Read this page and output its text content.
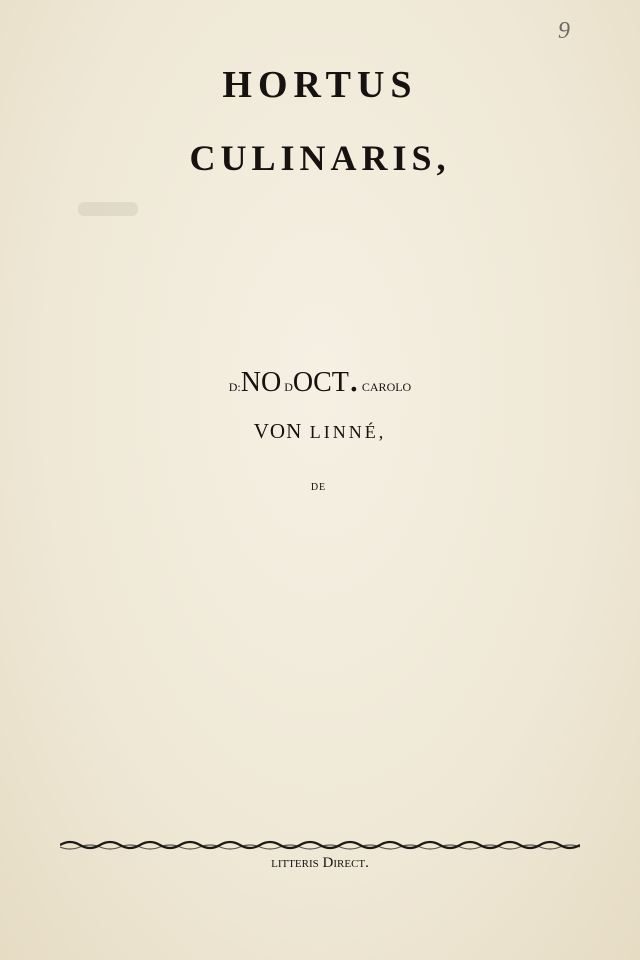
9

HORTUS

CULINARIS,

D:no Doct. CAROLO

von LINNÉ,

de

litteris Direct.
